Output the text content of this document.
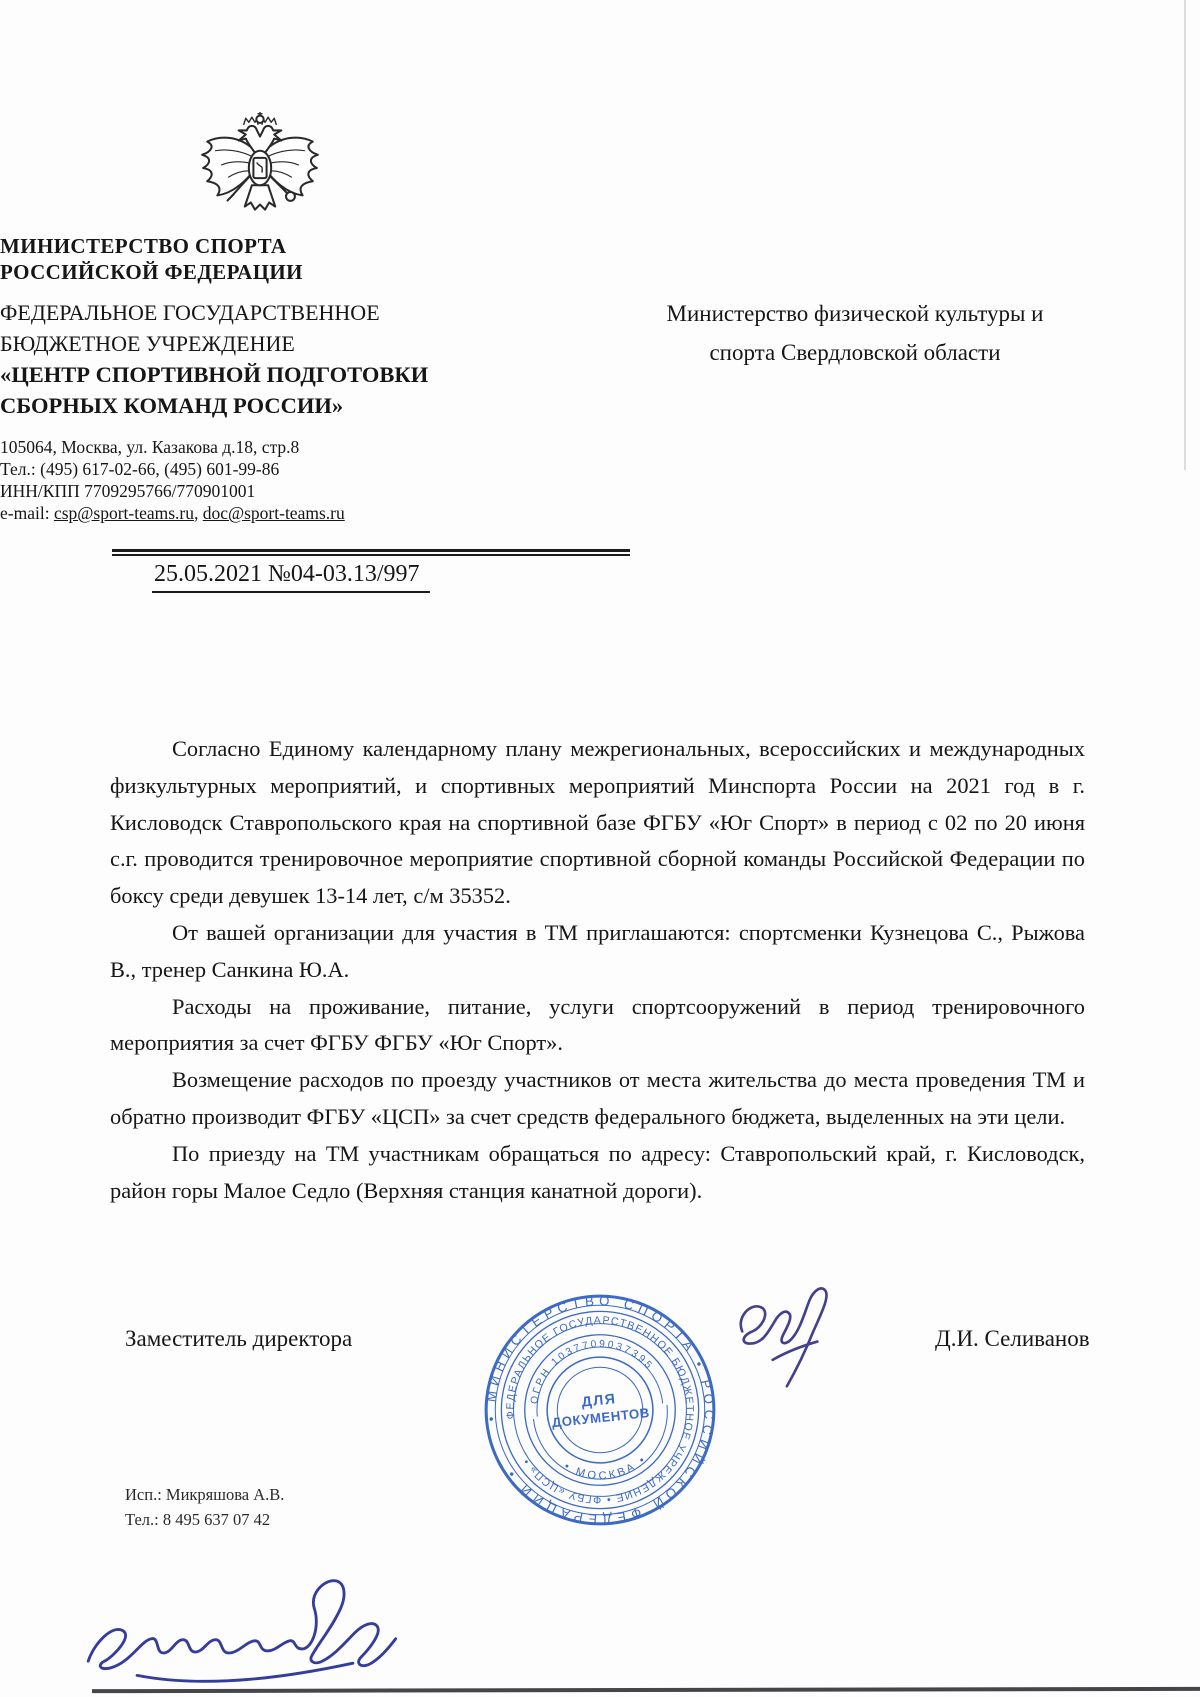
МИНИСТЕРСТВО СПОРТА
РОССИЙСКОЙ ФЕДЕРАЦИИ
ФЕДЕРАЛЬНОЕ ГОСУДАРСТВЕННОЕ
БЮДЖЕТНОЕ УЧРЕЖДЕНИЕ
«ЦЕНТР СПОРТИВНОЙ ПОДГОТОВКИ
СБОРНЫХ КОМАНД РОССИИ»
105064, Москва, ул. Казакова д.18, стр.8
Тел.: (495) 617-02-66, (495) 601-99-86
ИНН/КПП 7709295766/770901001
e-mail: csp@sport-teams.ru, doc@sport-teams.ru
25.05.2021 №04-03.13/997
Министерство физической культуры и
спорта Свердловской области

Согласно Единому календарному плану межрегиональных, всероссийских и международных физкультурных мероприятий, и спортивных мероприятий Минспорта России на 2021 год в г. Кисловодск Ставропольского края на спортивной базе ФГБУ «Юг Спорт» в период с 02 по 20 июня с.г. проводится тренировочное мероприятие спортивной сборной команды Российской Федерации по боксу среди девушек 13-14 лет, с/м 35352.

От вашей организации для участия в ТМ приглашаются: спортсменки Кузнецова С., Рыжова В., тренер Санкина Ю.А.

Расходы на проживание, питание, услуги спортсооружений в период тренировочного мероприятия за счет ФГБУ ФГБУ «Юг Спорт».

Возмещение расходов по проезду участников от места жительства до места проведения ТМ и обратно производит ФГБУ «ЦСП» за счет средств федерального бюджета, выделенных на эти цели.

По приезду на ТМ участникам обращаться по адресу: Ставропольский край, г. Кисловодск, район горы Малое Седло (Верхняя станция канатной дороги).

Заместитель директора	Д.И. Селиванов
• МИНИСТЕРСТВО СПОРТА • РОССИЙСКОЙ ФЕДЕРАЦИИ •
ФЕДЕРАЛЬНОЕ ГОСУДАРСТВЕННОЕ БЮДЖЕТНОЕ УЧРЕЖДЕНИЕ • ФГБУ «ЦСП» •
ОГРН 1037709037395
• МОСКВА •
ДЛЯ
ДОКУМЕНТОВ
Исп.: Микряшова А.В.
Тел.: 8 495 637 07 42
